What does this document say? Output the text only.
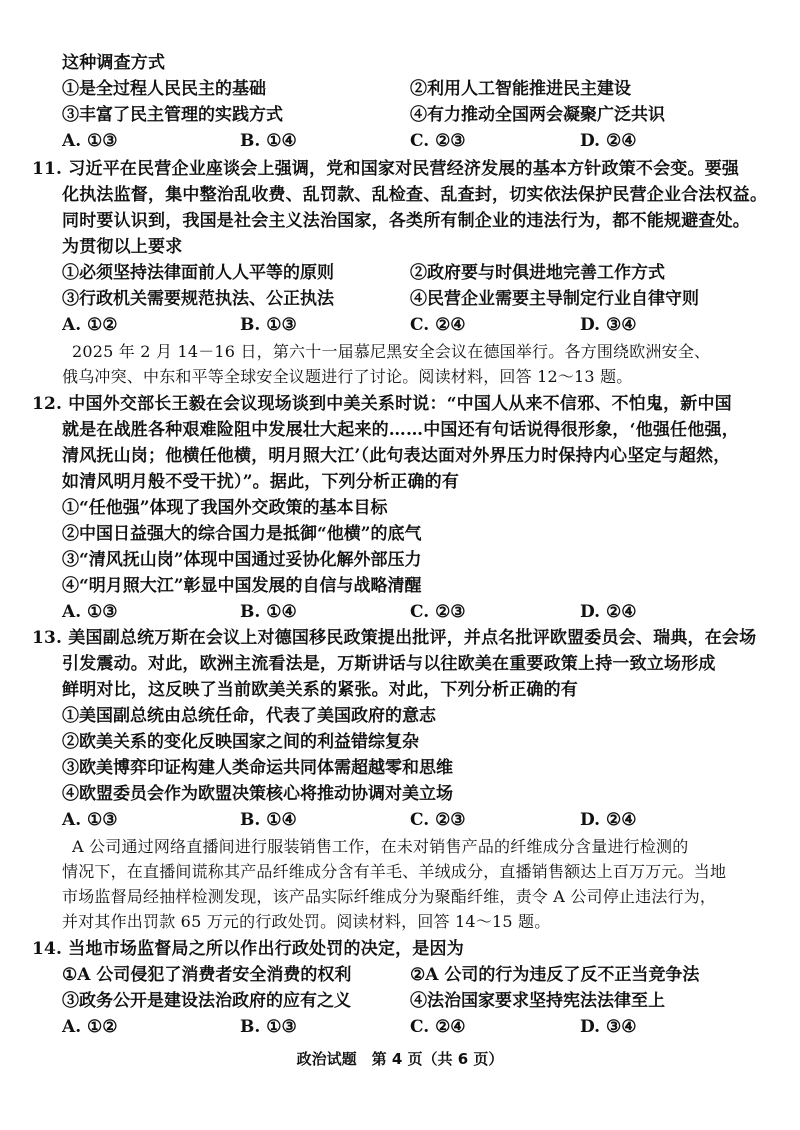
这种调查方式
①是全过程人民民主的基础	②利用人工智能推进民主建设
③丰富了民主管理的实践方式	④有力推动全国两会凝聚广泛共识
A. ①③	B. ①④	C. ②③	D. ②④
11. 习近平在民营企业座谈会上强调，党和国家对民营经济发展的基本方针政策不会变。要强
化执法监督，集中整治乱收费、乱罚款、乱检查、乱查封，切实依法保护民营企业合法权益。
同时要认识到，我国是社会主义法治国家，各类所有制企业的违法行为，都不能规避查处。
为贯彻以上要求
①必须坚持法律面前人人平等的原则	②政府要与时俱进地完善工作方式
③行政机关需要规范执法、公正执法	④民营企业需要主导制定行业自律守则
A. ①②	B. ①③	C. ②④	D. ③④
2025 年 2 月 14－16 日，第六十一届慕尼黑安全会议在德国举行。各方围绕欧洲安全、
俄乌冲突、中东和平等全球安全议题进行了讨论。阅读材料，回答 12～13 题。
12. 中国外交部长王毅在会议现场谈到中美关系时说：“中国人从来不信邪、不怕鬼，新中国
就是在战胜各种艰难险阻中发展壮大起来的……中国还有句话说得很形象，‘他强任他强，
清风抚山岗；他横任他横，明月照大江’（此句表达面对外界压力时保持内心坚定与超然，
如清风明月般不受干扰）”。据此，下列分析正确的有
①“任他强”体现了我国外交政策的基本目标
②中国日益强大的综合国力是抵御“他横”的底气
③“清风抚山岗”体现中国通过妥协化解外部压力
④“明月照大江”彰显中国发展的自信与战略清醒
A. ①③	B. ①④	C. ②③	D. ②④
13. 美国副总统万斯在会议上对德国移民政策提出批评，并点名批评欧盟委员会、瑞典，在会场
引发震动。对此，欧洲主流看法是，万斯讲话与以往欧美在重要政策上持一致立场形成
鲜明对比，这反映了当前欧美关系的紧张。对此，下列分析正确的有
①美国副总统由总统任命，代表了美国政府的意志
②欧美关系的变化反映国家之间的利益错综复杂
③欧美博弈印证构建人类命运共同体需超越零和思维
④欧盟委员会作为欧盟决策核心将推动协调对美立场
A. ①③	B. ①④	C. ②③	D. ②④
A 公司通过网络直播间进行服装销售工作，在未对销售产品的纤维成分含量进行检测的
情况下，在直播间谎称其产品纤维成分含有羊毛、羊绒成分，直播销售额达上百万万元。当地
市场监督局经抽样检测发现，该产品实际纤维成分为聚酯纤维，责令 A 公司停止违法行为，
并对其作出罚款 65 万元的行政处罚。阅读材料，回答 14～15 题。
14. 当地市场监督局之所以作出行政处罚的决定，是因为
①A 公司侵犯了消费者安全消费的权利	②A 公司的行为违反了反不正当竞争法
③政务公开是建设法治政府的应有之义	④法治国家要求坚持宪法法律至上
A. ①②	B. ①③	C. ②④	D. ③④
政治试题　第 4 页（共 6 页）
